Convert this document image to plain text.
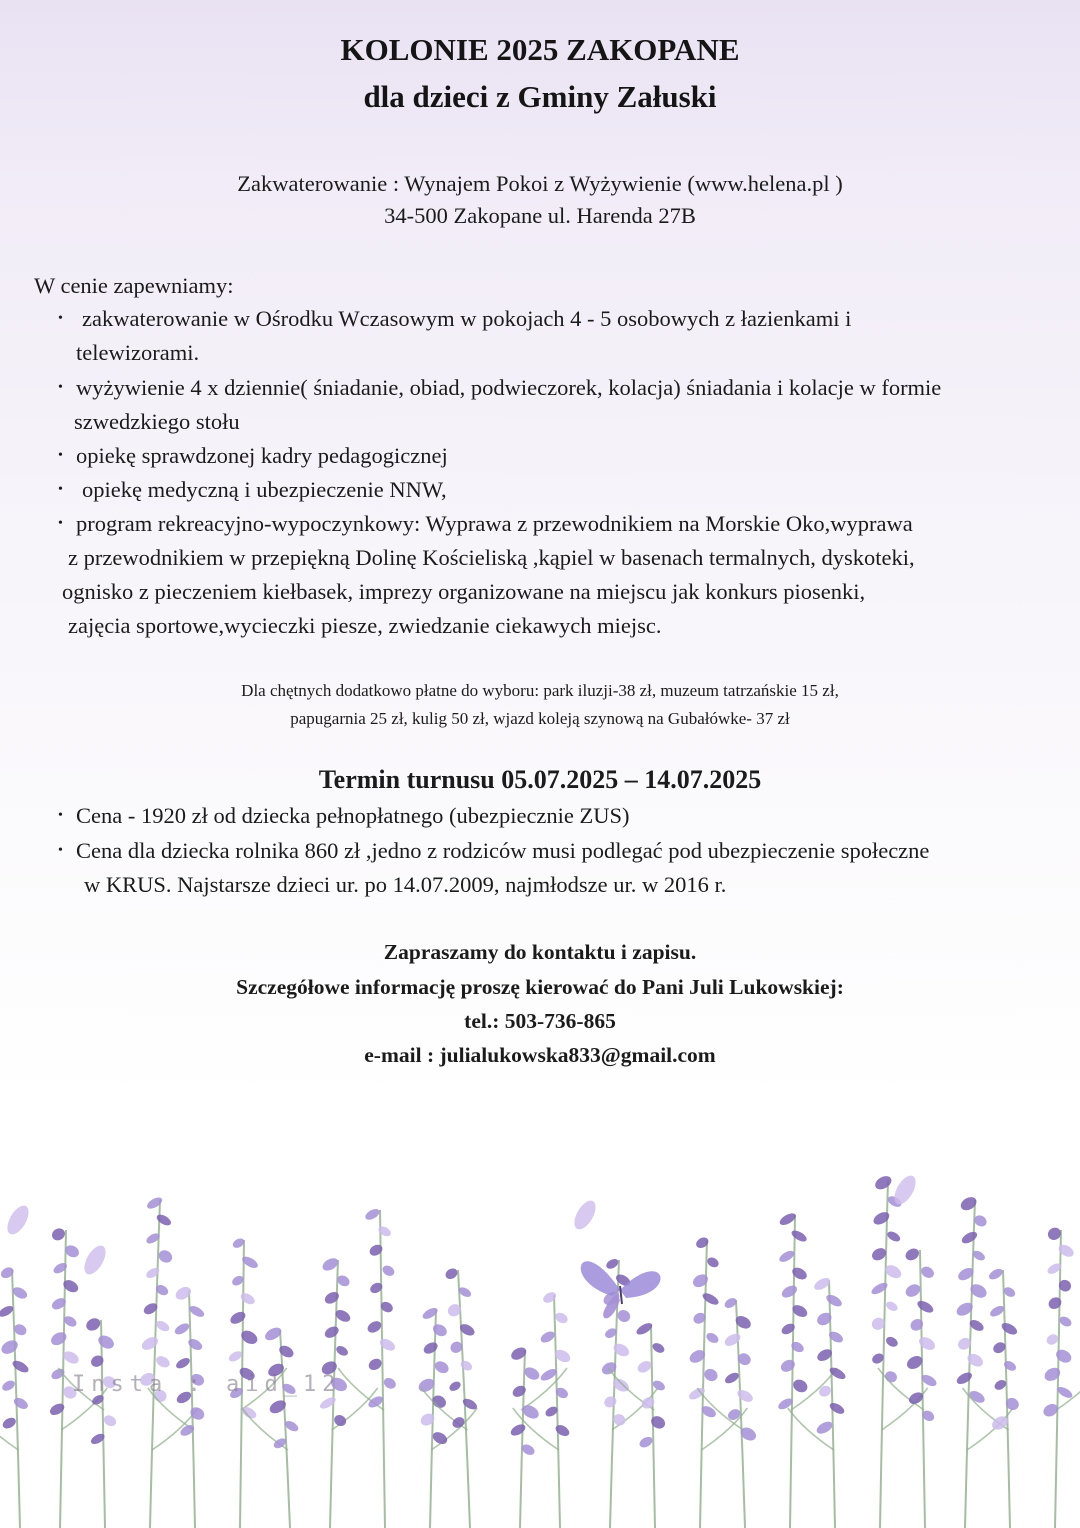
KOLONIE 2025 ZAKOPANE
dla dzieci z Gminy Załuski
Zakwaterowanie : Wynajem Pokoi z Wyżywienie (www.helena.pl )
34-500 Zakopane ul. Harenda 27B
W cenie zapewniamy:
• zakwaterowanie w Ośrodku Wczasowym w pokojach 4 - 5 osobowych z łazienkami i
telewizorami.
• wyżywienie 4 x dziennie( śniadanie, obiad, podwieczorek, kolacja) śniadania i kolacje w formie
szwedzkiego stołu
• opiekę sprawdzonej kadry pedagogicznej
• opiekę medyczną i ubezpieczenie NNW,
• program rekreacyjno-wypoczynkowy: Wyprawa z przewodnikiem na Morskie Oko,wyprawa
z przewodnikiem w przepiękną Dolinę Kościeliską ,kąpiel w basenach termalnych, dyskoteki,
ognisko z pieczeniem kiełbasek, imprezy organizowane na miejscu jak konkurs piosenki,
zajęcia sportowe,wycieczki piesze, zwiedzanie ciekawych miejsc.
Dla chętnych dodatkowo płatne do wyboru: park iluzji-38 zł, muzeum tatrzańskie 15 zł,
papugarnia 25 zł, kulig 50 zł, wjazd koleją szynową na Gubałówke- 37 zł
Termin turnusu 05.07.2025 – 14.07.2025
• Cena - 1920 zł od dziecka pełnopłatnego (ubezpiecznie ZUS)
• Cena dla dziecka rolnika 860 zł ,jedno z rodziców musi podlegać pod ubezpieczenie społeczne
w KRUS. Najstarsze dzieci ur. po 14.07.2009, najmłodsze ur. w 2016 r.
Zapraszamy do kontaktu i zapisu.
Szczegółowe informację proszę kierować do Pani Juli Lukowskiej:
tel.: 503-736-865
e-mail : julialukowska833@gmail.com
Insta : aid_12
